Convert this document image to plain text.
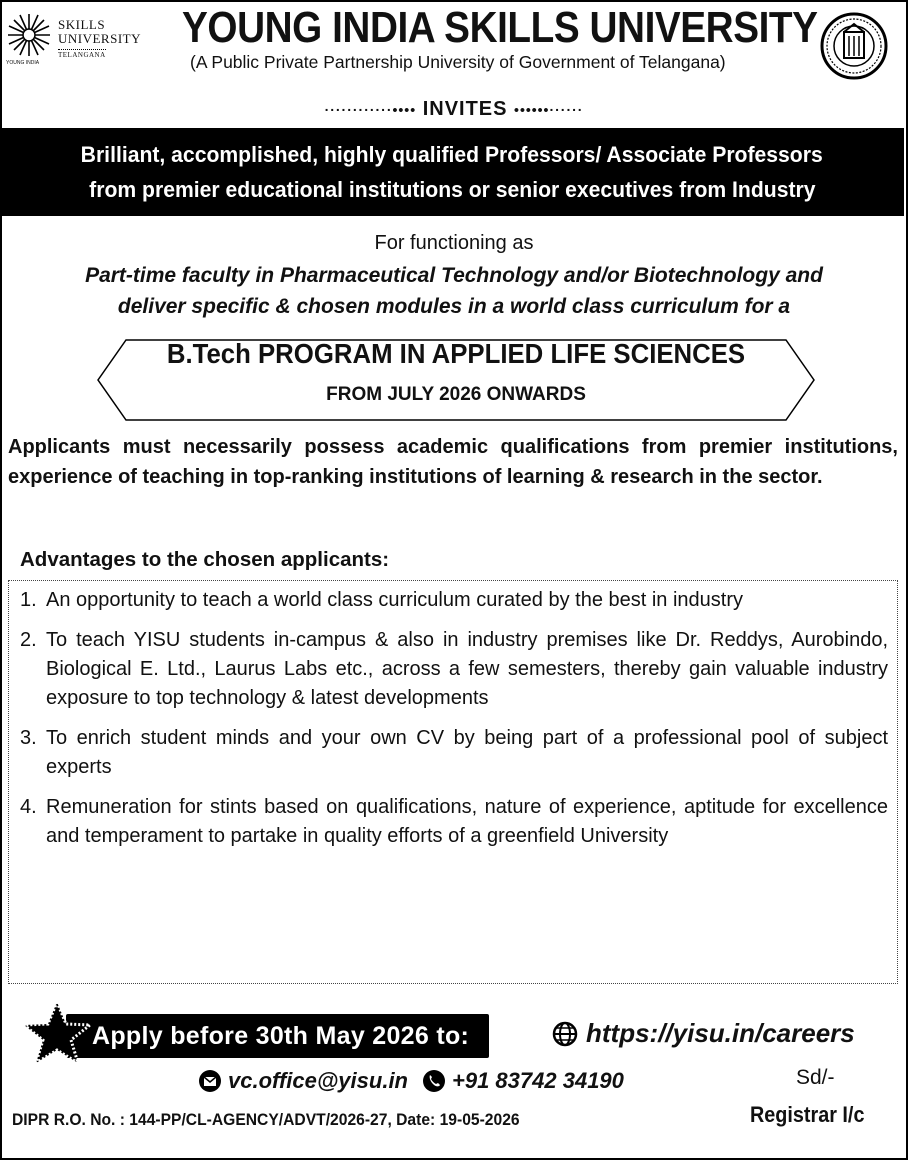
SKILLS
UNIVERSITY
TELANGANA
YOUNG INDIA
YOUNG INDIA SKILLS UNIVERSITY
(A Public Private Partnership University of Government of Telangana)
············•••• INVITES ••••••······
Brilliant, accomplished, highly qualified Professors/ Associate Professors
from premier educational institutions or senior executives from Industry
For functioning as
Part-time faculty in Pharmaceutical Technology and/or Biotechnology and
deliver specific & chosen modules in a world class curriculum for a
B.Tech PROGRAM IN APPLIED LIFE SCIENCES
FROM JULY 2026 ONWARDS
Applicants must necessarily possess academic qualifications from premier institutions, experience of teaching in top-ranking institutions of learning & research in the sector.
Advantages to the chosen applicants:
1. An opportunity to teach a world class curriculum curated by the best in industry
2. To teach YISU students in-campus & also in industry premises like Dr. Reddys, Aurobindo, Biological E. Ltd., Laurus Labs etc., across a few semesters, thereby gain valuable industry exposure to top technology & latest developments
3. To enrich student minds and your own CV by being part of a professional pool of subject experts
4. Remuneration for stints based on qualifications, nature of experience, aptitude for excellence and temperament to partake in quality efforts of a greenfield University
Apply before 30th May 2026 to:	https://yisu.in/careers
vc.office@yisu.in +91 83742 34190	Sd/-
DIPR R.O. No. : 144-PP/CL-AGENCY/ADVT/2026-27, Date: 19-05-2026	Registrar I/c
